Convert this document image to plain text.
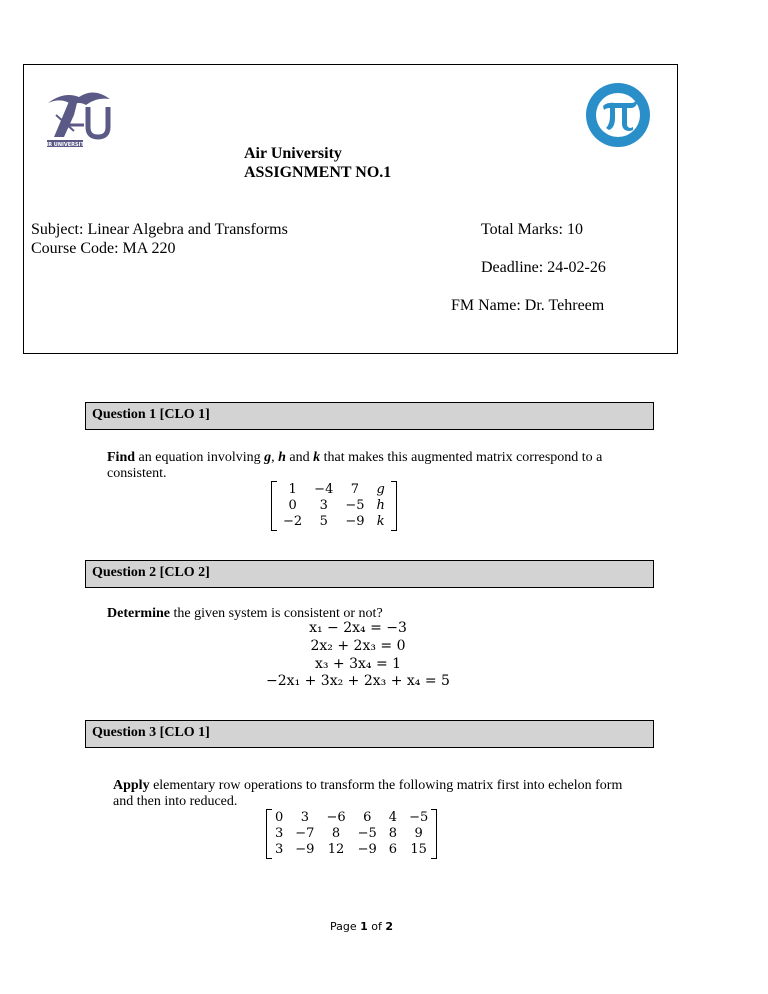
AIR UNIVERSITY	Air University
ASSIGNMENT NO.1
Subject: Linear Algebra and Transforms
Course Code: MA 220
Total Marks: 10
Deadline: 24-02-26
FM Name: Dr. Tehreem
Question 1 [CLO 1]
Find an equation involving g, h and k that makes this augmented matrix correspond to a
consistent.
1	−4	7	g
0	3	−5	h
−2	5	−9	k
Question 2 [CLO 2]
Determine the given system is consistent or not?
x₁ − 2x₄ = −3
2x₂ + 2x₃ = 0
x₃ + 3x₄ = 1
−2x₁ + 3x₂ + 2x₃ + x₄ = 5
Question 3 [CLO 1]
Apply elementary row operations to transform the following matrix first into echelon form
and then into reduced.
0	3	−6	6	4	−5
3	−7	8	−5	8	9
3	−9	12	−9	6	15
Page 1 of 2
